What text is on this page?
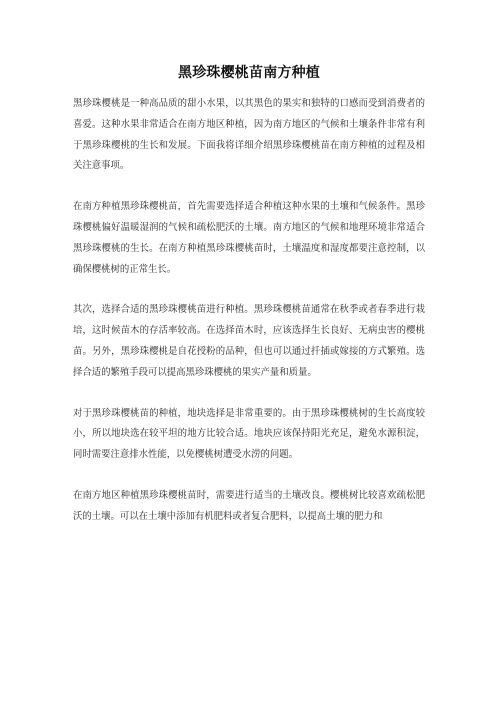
黑珍珠樱桃苗南方种植

黑珍珠樱桃是一种高品质的甜小水果，以其黑色的果实和独特的口感而受到消费者的喜爱。这种水果非常适合在南方地区种植，因为南方地区的气候和土壤条件非常有利于黑珍珠樱桃的生长和发展。下面我将详细介绍黑珍珠樱桃苗在南方种植的过程及相关注意事项。

在南方种植黑珍珠樱桃苗，首先需要选择适合种植这种水果的土壤和气候条件。黑珍珠樱桃偏好温暖湿润的气候和疏松肥沃的土壤。南方地区的气候和地理环境非常适合黑珍珠樱桃的生长。在南方种植黑珍珠樱桃苗时，土壤温度和湿度都要注意控制，以确保樱桃树的正常生长。

其次，选择合适的黑珍珠樱桃苗进行种植。黑珍珠樱桃苗通常在秋季或者春季进行栽培，这时候苗木的存活率较高。在选择苗木时，应该选择生长良好、无病虫害的樱桃苗。另外，黑珍珠樱桃是自花授粉的品种，但也可以通过扦插或嫁接的方式繁殖。选择合适的繁殖手段可以提高黑珍珠樱桃的果实产量和质量。

对于黑珍珠樱桃苗的种植，地块选择是非常重要的。由于黑珍珠樱桃树的生长高度较小，所以地块选在较平坦的地方比较合适。地块应该保持阳光充足，避免水源积淀，同时需要注意排水性能，以免樱桃树遭受水涝的问题。

在南方地区种植黑珍珠樱桃苗时，需要进行适当的土壤改良。樱桃树比较喜欢疏松肥沃的土壤。可以在土壤中添加有机肥料或者复合肥料，以提高土壤的肥力和
